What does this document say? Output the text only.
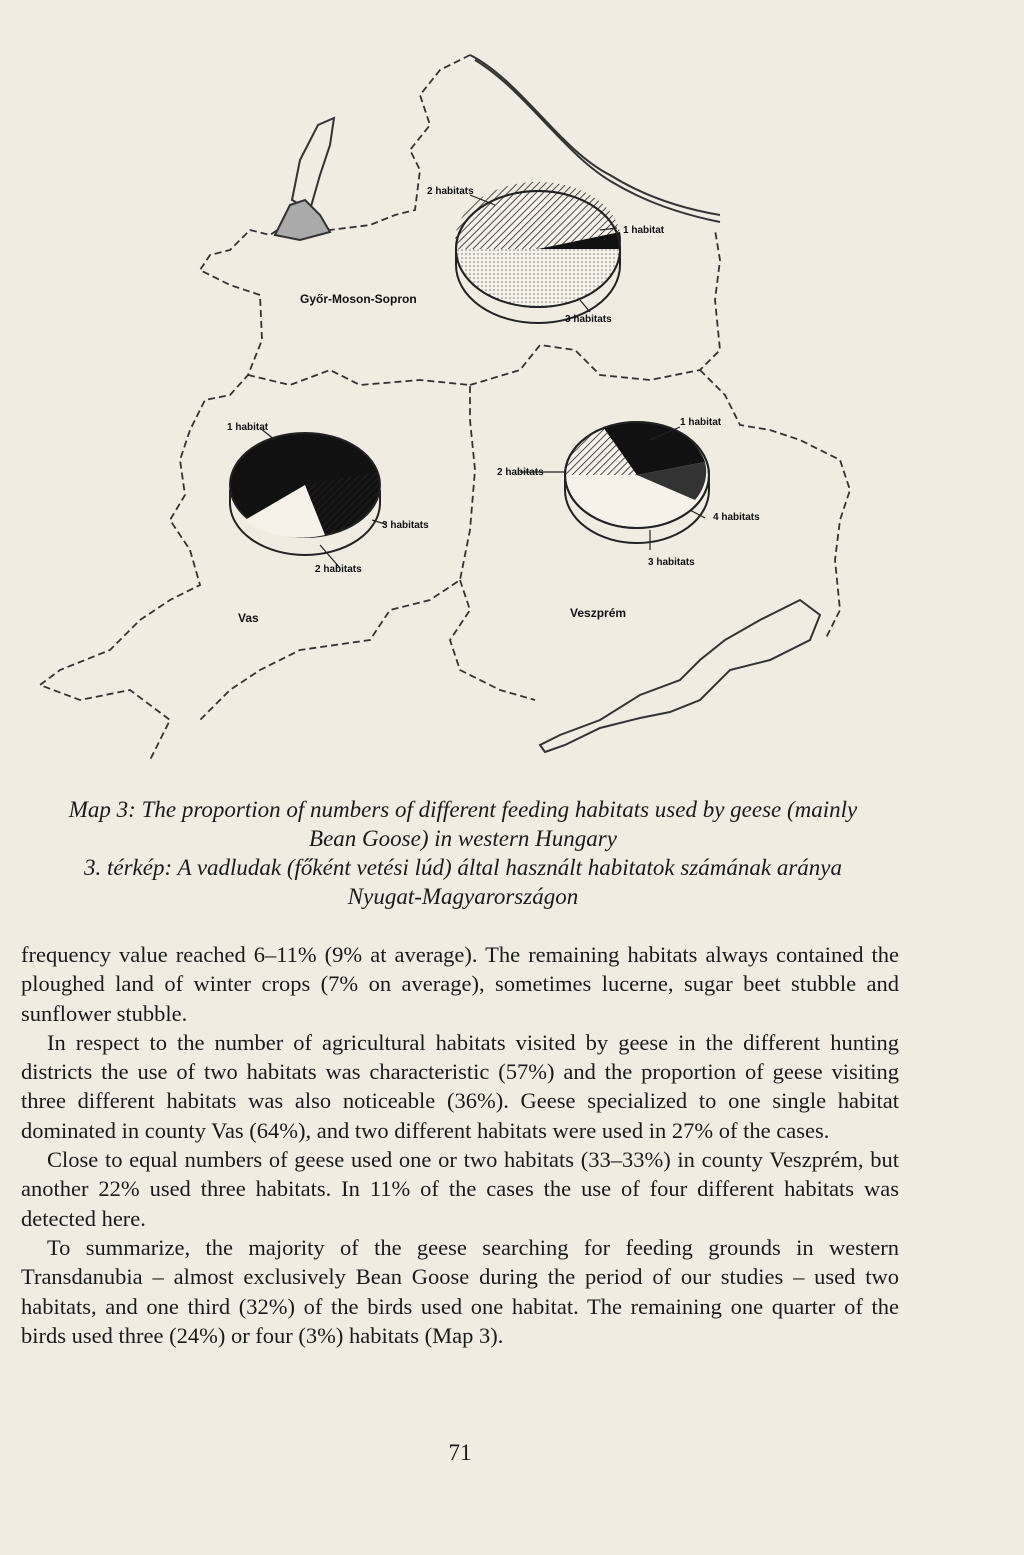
2 habitats
1 habitat
3 habitats
1 habitat
3 habitats
2 habitats
1 habitat
2 habitats
4 habitats
3 habitats
Győr-Moson-Sopron
Vas	Veszprém
Map 3: The proportion of numbers of different feeding habitats used by geese (mainly
Bean Goose) in western Hungary
3. térkép: A vadludak (főként vetési lúd) által használt habitatok számának aránya
Nyugat-Magyarországon

frequency value reached 6–11% (9% at average). The remaining habitats always contained the ploughed land of winter crops (7% on average), sometimes lucerne, sugar beet stubble and sunflower stubble.

In respect to the number of agricultural habitats visited by geese in the different hunting districts the use of two habitats was characteristic (57%) and the proportion of geese visiting three different habitats was also noticeable (36%). Geese specialized to one single habitat dominated in county Vas (64%), and two different habitats were used in 27% of the cases.

Close to equal numbers of geese used one or two habitats (33–33%) in county Veszprém, but another 22% used three habitats. In 11% of the cases the use of four different habitats was detected here.

To summarize, the majority of the geese searching for feeding grounds in western Transdanubia – almost exclusively Bean Goose during the period of our studies – used two habitats, and one third (32%) of the birds used one habitat. The remaining one quarter of the birds used three (24%) or four (3%) habitats (Map 3).

71
